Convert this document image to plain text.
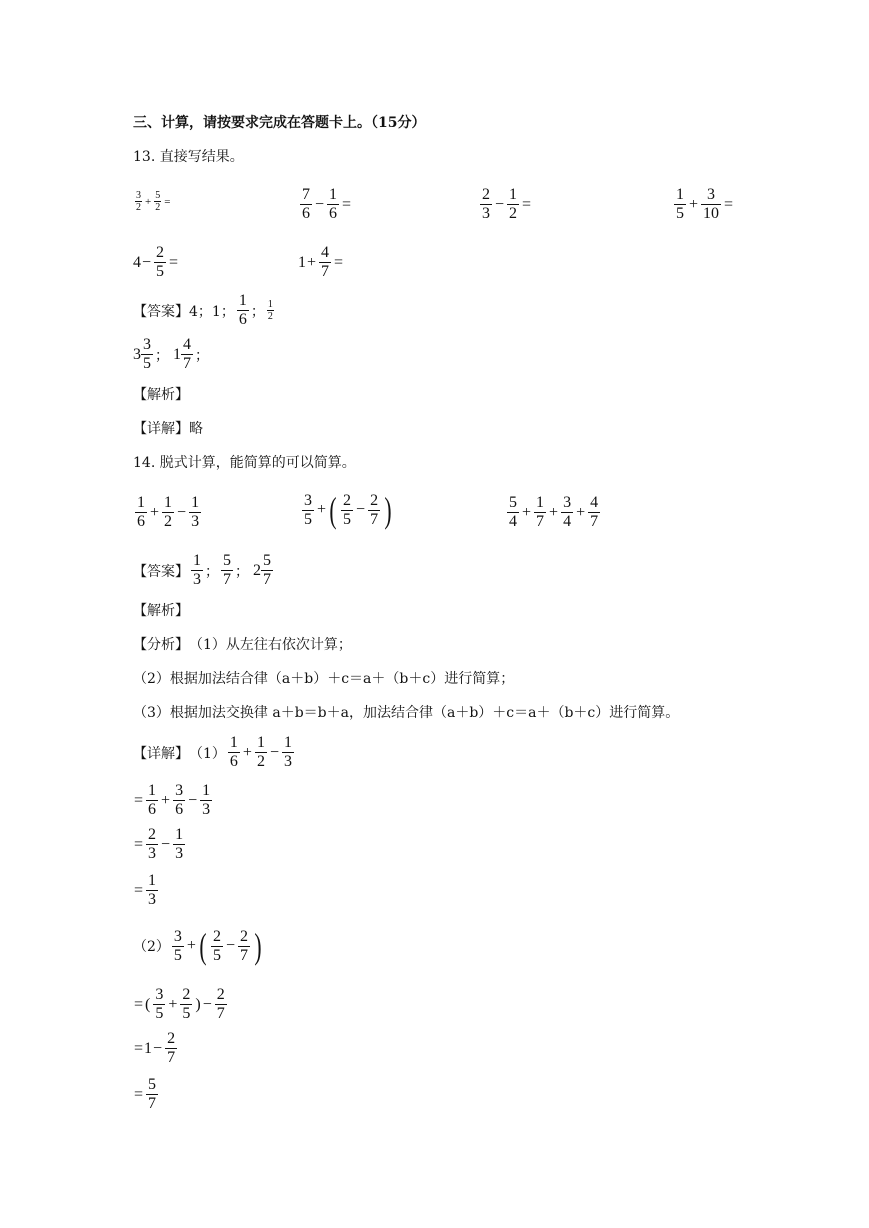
三、计算，请按要求完成在答题卡上。（15分）
13. 直接写结果。
$\frac{3}{2} + \frac{5}{2}$ =	$\frac{7}{6} - \frac{1}{6}$ =	$\frac{2}{3} - \frac{1}{2}$ =	$\frac{1}{5} + \frac{3}{10}$ =
$4 - \frac{2}{5}$ =	$1 + \frac{4}{7}$ =
【答案】 4；1； $\frac{1}{6}$ ； $\frac{1}{2}$
$3 \frac{3}{5}$ ； $1 \frac{4}{7}$ ；
【解析】
【详解】略
14. 脱式计算，能简算的可以简算。
$\frac{1}{6} + \frac{1}{2} - \frac{1}{3}$	$\frac{3}{5}$ + ( $\frac{2}{5} - \frac{2}{7}$ )	$\frac{5}{4} + \frac{1}{7} + \frac{3}{4} + \frac{4}{7}$
【答案】 $\frac{1}{3}$ ； $\frac{5}{7}$ ； $2 \frac{5}{7}$
【解析】
【分析】 （1）从左往右依次计算；
（2）根据加法结合律（a＋b）＋c＝a＋（b＋c）进行简算；
（3）根据加法交换律 a＋b＝b＋a，加法结合律（a＋b）＋c＝a＋（b＋c）进行简算。
【详解】 $(1) \frac{1}{6} + \frac{1}{2} - \frac{1}{3}$
= $\frac{1}{6} + \frac{3}{6} - \frac{1}{3}$
= $\frac{2}{3} - \frac{1}{3}$
= $\frac{1}{3}$
$(2) \frac{3}{5}$ + ( $\frac{2}{5} - \frac{2}{7}$ )
= ( $\frac{3}{5} + \frac{2}{5}$ ) − $\frac{2}{7}$
= $1 - \frac{2}{7}$
= $\frac{5}{7}$
